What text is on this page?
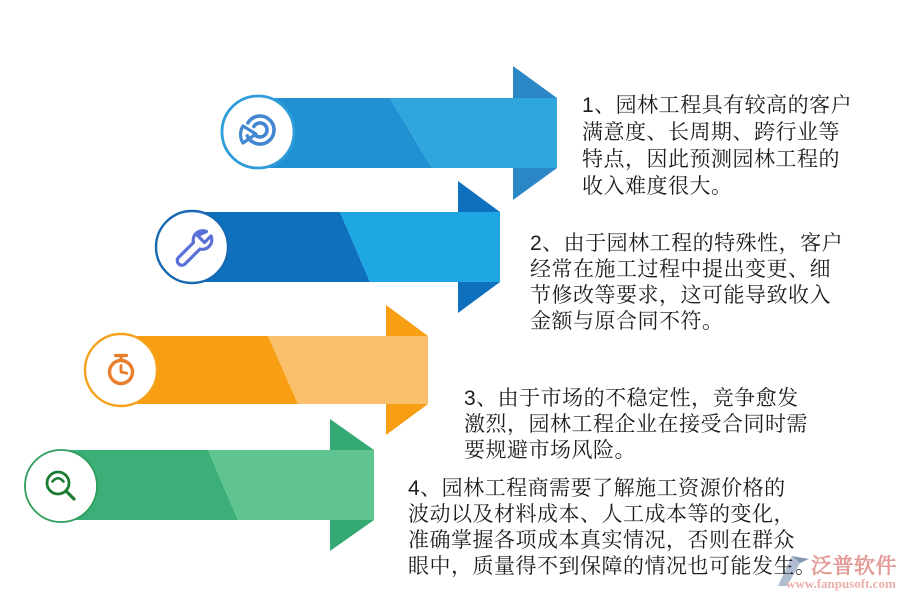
1、园林工程具有较高的客户
满意度、长周期、跨行业等
特点，因此预测园林工程的
收入难度很大。
2、由于园林工程的特殊性，客户
经常在施工过程中提出变更、细
节修改等要求，这可能导致收入
金额与原合同不符。
3、由于市场的不稳定性，竞争愈发
激烈，园林工程企业在接受合同时需
要规避市场风险。
4、园林工程商需要了解施工资源价格的
波动以及材料成本、人工成本等的变化，
准确掌握各项成本真实情况，否则在群众
眼中，质量得不到保障的情况也可能发生。
泛普软件
www.fanpusoft.com
